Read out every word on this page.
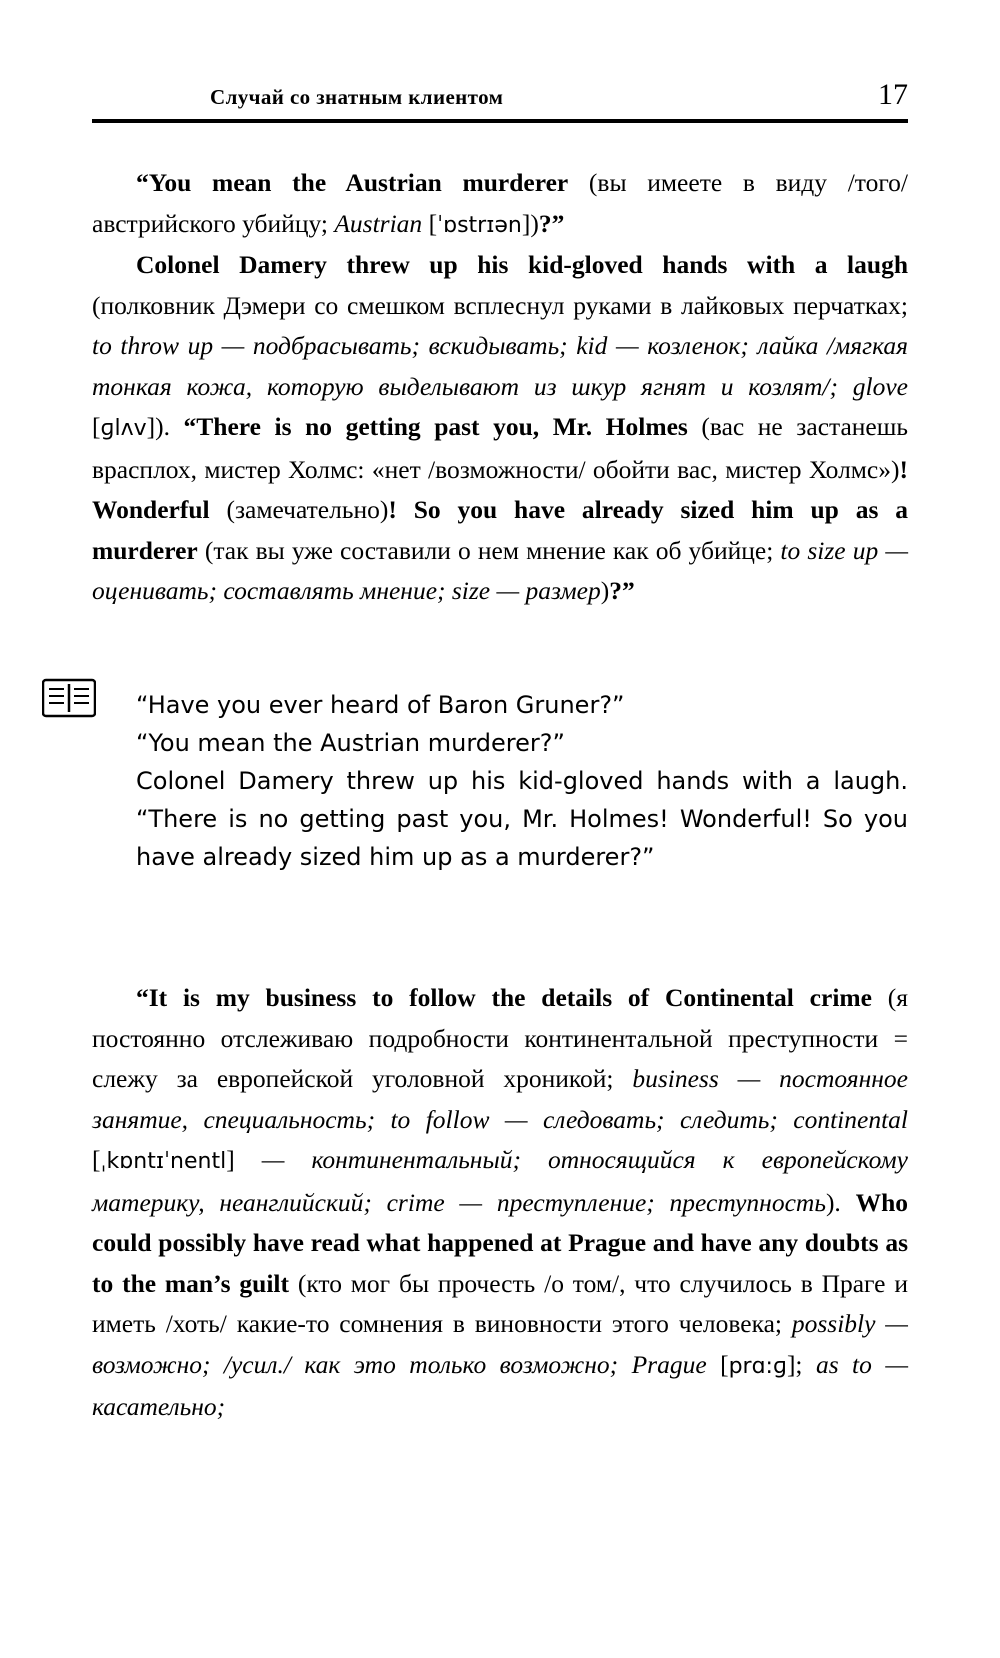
Случай со знатным клиентом	17
“You mean the Austrian murderer (вы имеете в виду /того/ австрийского убийцу; Austrian [ˈɒstrɪən])?”
Colonel Damery threw up his kid-gloved hands with a laugh (полковник Дэмери со смешком всплеснул руками в лайковых перчатках; to throw up — подбрасывать; вскидывать; kid — козленок; лайка /мягкая тонкая кожа, которую выделывают из шкур ягнят и козлят/; glove [ɡlʌv]). “There is no getting past you, Mr. Holmes (вас не застанешь врасплох, мистер Холмс: «нет /возможности/ обойти вас, мистер Холмс»)! Wonderful (замечательно)! So you have already sized him up as a murderer (так вы уже составили о нем мнение как об убийце; to size up — оценивать; составлять мнение; size — размер)?”
“Have you ever heard of Baron Gruner?”
“You mean the Austrian murderer?”
Colonel Damery threw up his kid-gloved hands with a laugh. “There is no getting past you, Mr. Holmes! Wonderful! So you have already sized him up as a murderer?”
“It is my business to follow the details of Continental crime (я постоянно отслеживаю подробности континентальной преступности = слежу за европейской уголовной хроникой; business — постоянное занятие, специальность; to follow — следовать; следить; continental [ˌkɒntɪˈnentl] — континентальный; относящийся к европейскому материку, неанглийский; crime — преступление; преступность). Who could possibly have read what happened at Prague and have any doubts as to the man’s guilt (кто мог бы прочесть /о том/, что случилось в Праге и иметь /хоть/ какие-то сомнения в виновности этого человека; possibly — возможно; /усил./ как это только возможно; Prague [prɑ:ɡ]; as to — касательно;
